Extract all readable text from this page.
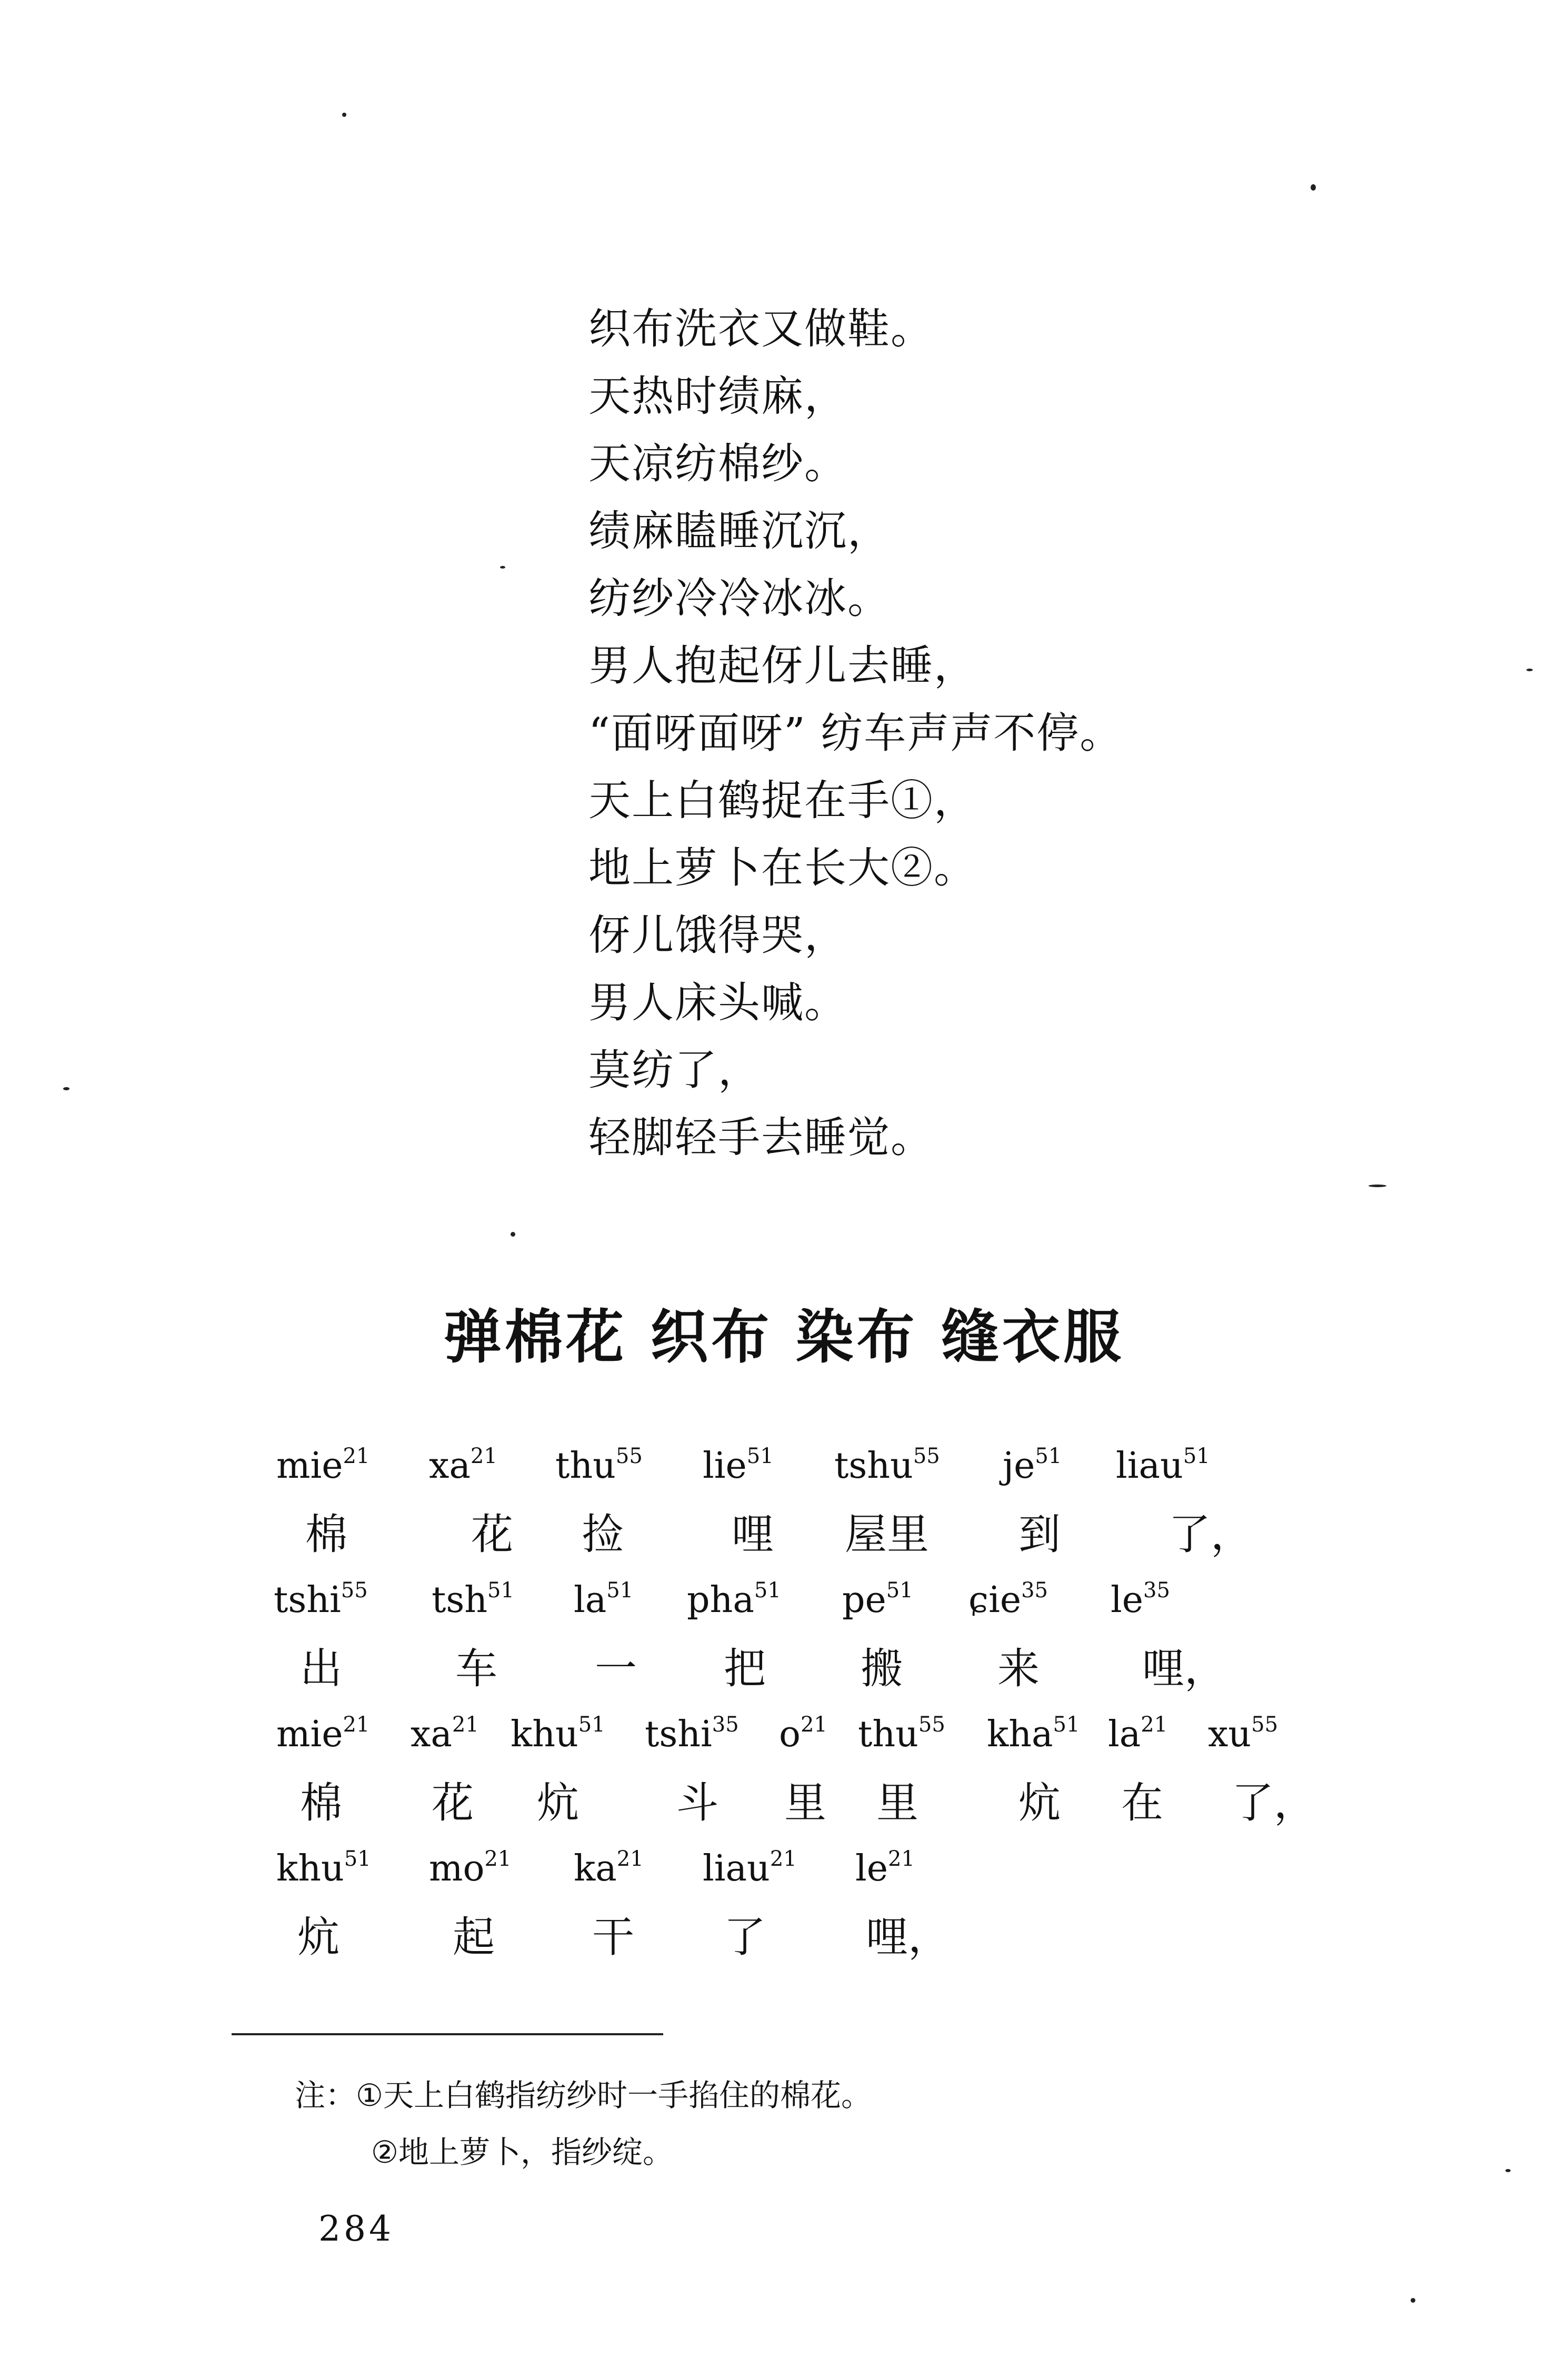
织布洗衣又做鞋。
天热时绩麻，
天凉纺棉纱。
绩麻瞌睡沉沉，
纺纱冷冷冰冰。
男人抱起伢儿去睡，
“面呀面呀” 纺车声声不停。
天上白鹤捉在手①，
地上萝卜在长大②。
伢儿饿得哭，
男人床头喊。
莫纺了，
轻脚轻手去睡觉。
弹棉花 织布 染布 缝衣服
mie$^{21}$ $xa^{21}$ thu$^{55}$ lie$^{51}$ tshu$^{55}$ $je^{51}$ liau$^{51}$
棉	花 捡	哩 屋里 到	了，
tshi$^{55}$ tsh$^{51}$ $la^{51}$ pha$^{51}$ $pe^{51}$ ɕie$^{35}$ $le^{35}$
出	车 一 把 搬 来 哩，
mie$^{21}$ $xa^{21}$ khu$^{51}$ tshi$^{35}$ $o^{21}$ thu$^{55}$ kha$^{51}$ $la^{21}$ $xu^{55}$
棉 花 炕 斗 里 里 炕 在 了，
khu$^{51}$ $mo^{21}$ $ka^{21}$ liau$^{21}$ $le^{21}$
炕	起 干 了 哩，
注：①天上白鹤指纺纱时一手掐住的棉花。
②地上萝卜，指纱绽。
284
